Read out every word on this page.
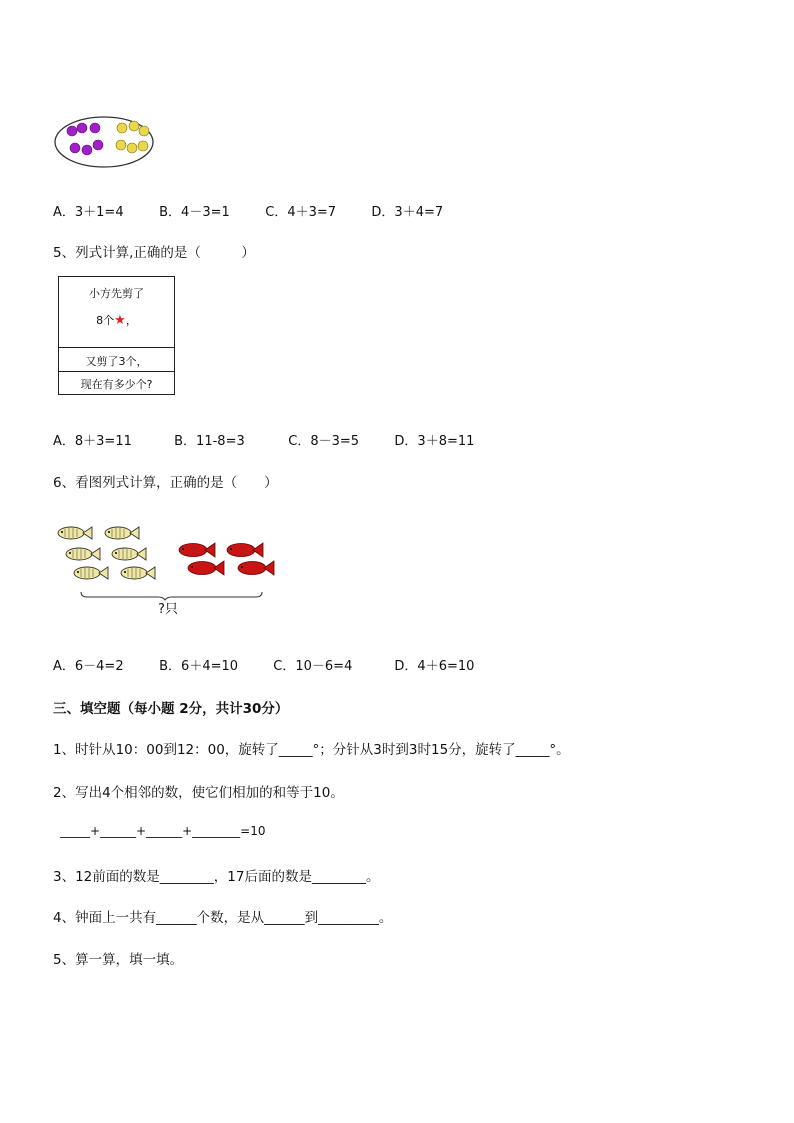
A．3＋1=4	B．4－3=1	C．4＋3=7	D．3＋4=7
5、列式计算,正确的是（　　　）
小方先剪了
8个★，
又剪了3个，
现在有多少个?
A．8＋3=11	B．11-8=3	C．8－3=5	D．3＋8=11
6、看图列式计算，正确的是（　　）
?只
A．6－4=2	B．6＋4=10	C．10－6=4	D．4＋6=10
三、填空题（每小题 2分，共计30分）
1、时针从10：00到12：00，旋转了_____°；分针从3时到3时15分，旋转了_____°。
2、写出4个相邻的数，使它们相加的和等于10。
_____+______+______+________=10
3、12前面的数是________，17后面的数是________。
4、钟面上一共有______个数，是从______到_________。
5、算一算，填一填。
